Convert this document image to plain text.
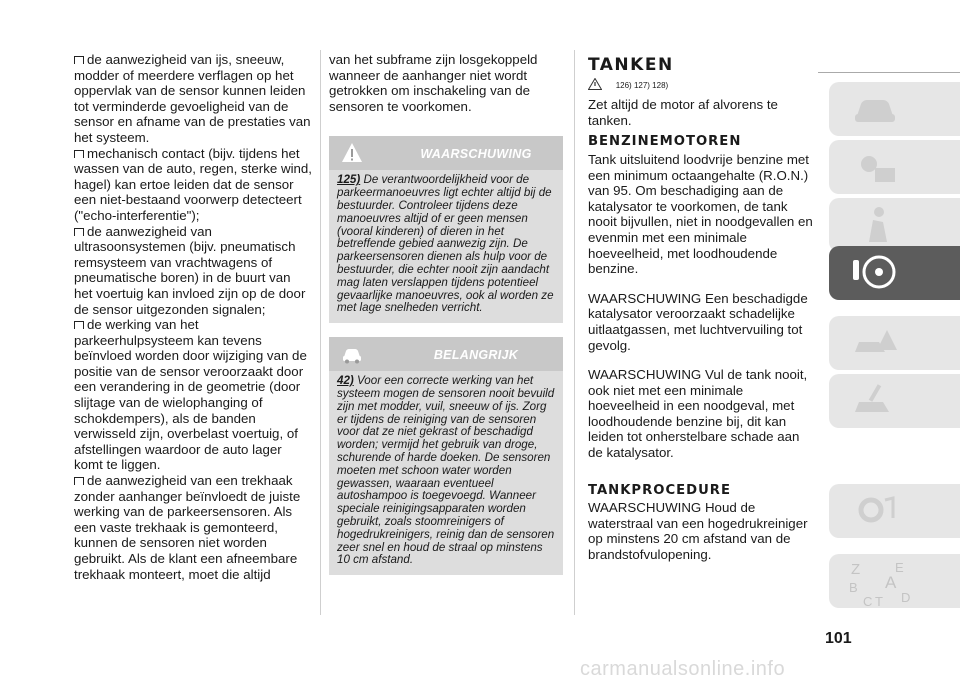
de aanwezigheid van ijs, sneeuw, modder of meerdere verflagen op het oppervlak van de sensor kunnen leiden tot verminderde gevoeligheid van de sensor en afname van de prestaties van het systeem.

mechanisch contact (bijv. tijdens het wassen van de auto, regen, sterke wind, hagel) kan ertoe leiden dat de sensor een niet-bestaand voorwerp detecteert ("echo-interferentie");

de aanwezigheid van ultrasoonsystemen (bijv. pneumatisch remsysteem van vrachtwagens of pneumatische boren) in de buurt van het voertuig kan invloed zijn op de door de sensor uitgezonden signalen;

de werking van het parkeerhulpsysteem kan tevens beïnvloed worden door wijziging van de positie van de sensor veroorzaakt door een verandering in de geometrie (door slijtage van de wielophanging of schokdempers), als de banden verwisseld zijn, overbelast voertuig, of afstellingen waardoor de auto lager komt te liggen.

de aanwezigheid van een trekhaak zonder aanhanger beïnvloedt de juiste werking van de parkeersensoren. Als een vaste trekhaak is gemonteerd, kunnen de sensoren niet worden gebruikt. Als de klant een afneembare trekhaak monteert, moet die altijd

van het subframe zijn losgekoppeld wanneer de aanhanger niet wordt getrokken om inschakeling van de sensoren te voorkomen.

WAARSCHUWING
125) De verantwoordelijkheid voor de parkeermanoeuvres ligt echter altijd bij de bestuurder. Controleer tijdens deze manoeuvres altijd of er geen mensen (vooral kinderen) of dieren in het betreffende gebied aanwezig zijn. De parkeersensoren dienen als hulp voor de bestuurder, die echter nooit zijn aandacht mag laten verslappen tijdens potentieel gevaarlijke manoeuvres, ook al worden ze met lage snelheden verricht.
BELANGRIJK
42) Voor een correcte werking van het systeem mogen de sensoren nooit bevuild zijn met modder, vuil, sneeuw of ijs. Zorg er tijdens de reiniging van de sensoren voor dat ze niet gekrast of beschadigd worden; vermijd het gebruik van droge, schurende of harde doeken. De sensoren moeten met schoon water worden gewassen, waaraan eventueel autoshampoo is toegevoegd. Wanneer speciale reinigingsapparaten worden gebruikt, zoals stoomreinigers of hogedrukreinigers, reinig dan de sensoren zeer snel en houd de straal op minstens 10 cm afstand.
TANKEN
126) 127) 128)

Zet altijd de motor af alvorens te tanken.

BENZINEMOTOREN

Tank uitsluitend loodvrije benzine met een minimum octaangehalte (R.O.N.) van 95. Om beschadiging aan de katalysator te voorkomen, de tank nooit bijvullen, niet in noodgevallen en evenmin met een minimale hoeveelheid, met loodhoudende benzine.

WAARSCHUWING Een beschadigde katalysator veroorzaakt schadelijke uitlaatgassen, met luchtvervuiling tot gevolg.

WAARSCHUWING Vul de tank nooit, ook niet met een minimale hoeveelheid in een noodgeval, met loodhoudende benzine bij, dit kan leiden tot onherstelbare schade aan de katalysator.

TANKPROCEDURE

WAARSCHUWING Houd de waterstraal van een hogedrukreiniger op minstens 20 cm afstand van de brandstofvulopening.

Z	E
B A
C T D
101
carmanualsonline.info
